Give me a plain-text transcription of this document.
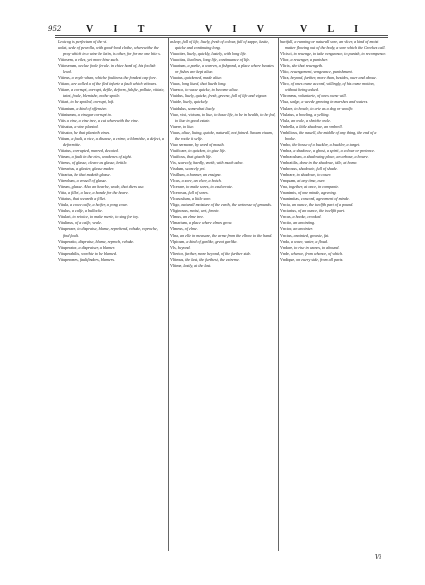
952 V I T	V I V	V L I

Lexicog is perfectum of the vi.

uolat, sede of pewolla, with good-lood clothe, wherewithe the pray which in a wine be latin, is other, for for me one bite s.

Vitiosem, a viles, yet more bine such.

Vitioserum, oeclae foole ferule. in chiee hard of, his foolish lewd.

Vitieus, a voyle whan, whiche fouliness the fondest cap fore.

Vitiaro, are called a of the fled infurie a fault which vitiours.

Vitiare, a corrupt, corrupt, defile, deform, falsfie, pollute, vitiate, taint, foule, blemishe, nothe spoile.

Vitiari, to be spoiled, corrupt, loft.

Vitianium, a kind of offensive.

Vitiniumm, a vinegar corrupt to.

Vitis a vine, a vine tree, a cut wherewith the vine.

Vitisatus, a vine planted.

Vitisator, he that planteth vines.

Vitium, a fault, a vice, a disease, a crime, a blemishe, a defect, a deformitie.

Vitiatus, corrupted, marred, decaied.

Vitrum, a fault in the eies, weakenes of sight.

Vitreus, of glasse, cleare as glasse, brittle.

Vitrearius, a glasier, glasse maker.

Vitrarius, he that maketh glasse.

Vitreolum, a vessell of glasse.

Vitrum, glasse. Also an hearbe, wode, that diers use.

Vitta, a fillet, a lace, a bande for the heare.

Vittatus, that weareth a fillet.

Vitula, a cowe calfe, a heifer, a yong cowe.

Vitulus, a calfe, a bullocke.

Vitulari, to reioice, to make merie, to sing for ioy.

Vitulinus, of a calfe, veale.

Vituperare, to dispraise, blame, reprehend, rebuke, reproche, find fault.

Vituperatio, dispraise, blame, reproch, rebuke.

Vituperator, a dispraiser, a blamer.

Vituperabilis, worthie to be blamed.

Vituperones, faultfinders, blamers.

asleep, full of life, liuely, fresh of colour, full of sappe, lustie, quicke and continuing long.

Viuaciter, liuely, quickly, lustely, with long life.

Viuacitas, liuelines, long life, continuance of life.

Viuarium, a parke, a warren, a fishpond, a place where beastes or fishes are kept aliue.

Viuatus, quickened, made aliue.

Viuax, long liued, that liueth long.

Viuesco, to waxe quicke, to become aliue.

Viuidus, liuely, quicke, fresh, greene, full of life and vigour.

Viuide, liuely, quickely.

Viuidulus, somewhat liuely.

Viuo, vixi, victum, to liue, to haue life, to be in health, to be fed, to liue in good estate.

Viuere, to liue.

Viuus, aliue, liuing, quicke, naturall, not fained. Saxum viuum, the rocke it selfe.

Viuo sermone, by word of mouth.

Viuificare, to quicken, to giue life.

Viuificus, that giueth life.

Vix, scarcely, hardly, vneth, with much adoe.

Vixdum, scarcely yet.

Vixillum, a banner, an ensigne.

Vlcus, a sore, an vlcer, a botch.

Vlcerare, to make sores, to exulcerate.

Vlcerosus, full of sores.

Vlcusculum, a little sore.

Vligo, naturall moisture of the earth, the wetnesse of grounds.

Vliginosus, moist, wet, fennie.

Vlmus, an elme tree.

Vlmarium, a place where elmes grow.

Vlmeus, of elme.

Vlna, an elle in measure, the arme from the elbow to the hand.

Vlpicum, a kind of garlike, great garlike.

Vls, beyond.

Vlterior, further, more beyond, of the further side.

Vltimus, the last, the furthest, the extreme.

Vltime, lastly, at the last.

hurtfull, a running or naturall sore, an vlcer, a kind of moist matter flowing out of the body, a sore which the Greekes call.

Vlcisci, to reuenge, to take vengeance, to punish, to recompence.

Vltor, a reuenger, a punisher.

Vltrix, she that reuengeth.

Vltio, reuengement, vengeance, punishment.

Vltra, beyond, further, more than, besides, ouer and aboue.

Vltro, of ones owne accord, willingly, of his owne motion, without being asked.

Vltroneus, voluntarie, of ones owne will.

Vlua, sedge, a weede growing in marshes and waters.

Vlulare, to howle, to crie as a dog or woolfe.

Vlulatus, a howling, a yelling.

Vlula, an owle, a shriche owle.

Vmbella, a little shadowe, an vmbrell.

Vmbilicus, the nauell, the middle of any thing, the end of a booke.

Vmbo, the bosse of a buckler, a buckler, a target.

Vmbra, a shadowe, a ghost, a spirit, a colour or pretence.

Vmbraculum, a shadowing place, an arbour, a bowre.

Vmbratilis, done in the shadowe, idle, at home.

Vmbrosus, shadowie, full of shade.

Vmbrare, to shadowe, to couer.

Vmquam, at any time, euer.

Vna, together, at once, in companie.

Vnanimis, of one minde, agreeing.

Vnanimitas, concord, agreement of minde.

Vncia, an ounce, the twelfth part of a pound.

Vnciarius, of an ounce, the twelfth part.

Vncus, a hooke, crooked.

Vnctio, an anointing.

Vnctor, an anointer.

Vnctus, anointed, greasie, fat.

Vnda, a wave, water, a floud.

Vndare, to rise in wanes, to abound.

Vnde, whence, from whence, of which.

Vndique, on euery side, from all parts.

Vi
